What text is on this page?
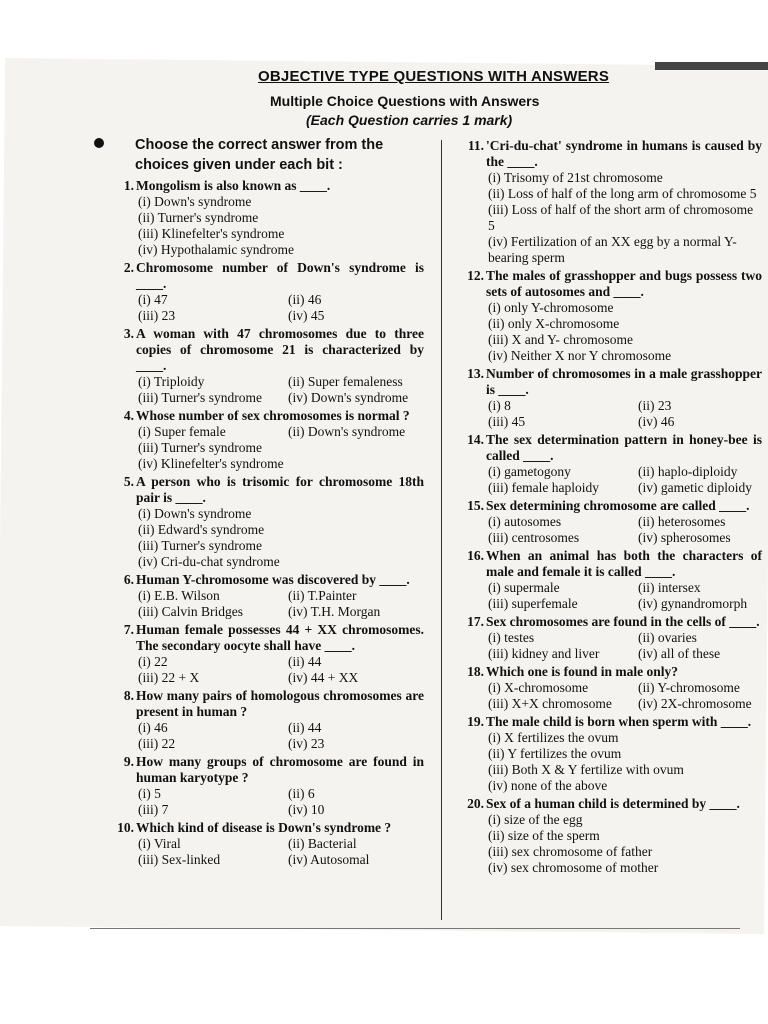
OBJECTIVE TYPE QUESTIONS WITH ANSWERS
Multiple Choice Questions with Answers
(Each Question carries 1 mark)
Choose the correct answer from the choices given under each bit :
1. Mongolism is also known as ____.
(i) Down's syndrome
(ii) Turner's syndrome
(iii) Klinefelter's syndrome
(iv) Hypothalamic syndrome
2. Chromosome number of Down's syndrome is ____.
(i) 47	(ii) 46
(iii) 23	(iv) 45
3. A woman with 47 chromosomes due to three copies of chromosome 21 is characterized by ____.
(i) Triploidy	(ii) Super femaleness
(iii) Turner's syndrome	(iv) Down's syndrome
4. Whose number of sex chromosomes is normal ?
(i) Super female	(ii) Down's syndrome
(iii) Turner's syndrome
(iv) Klinefelter's syndrome
5. A person who is trisomic for chromosome 18th pair is ____.
(i) Down's syndrome
(ii) Edward's syndrome
(iii) Turner's syndrome
(iv) Cri-du-chat syndrome
6. Human Y-chromosome was discovered by ____.
(i) E.B. Wilson	(ii) T.Painter
(iii) Calvin Bridges	(iv) T.H. Morgan
7. Human female possesses 44 + XX chromosomes. The secondary oocyte shall have ____.
(i) 22	(ii) 44
(iii) 22 + X	(iv) 44 + XX
8. How many pairs of homologous chromosomes are present in human ?
(i) 46	(ii) 44
(iii) 22	(iv) 23
9. How many groups of chromosome are found in human karyotype ?
(i) 5	(ii) 6
(iii) 7	(iv) 10
10. Which kind of disease is Down's syndrome ?
(i) Viral	(ii) Bacterial
(iii) Sex-linked	(iv) Autosomal
11. 'Cri-du-chat' syndrome in humans is caused by the ____.
(i) Trisomy of 21st chromosome
(ii) Loss of half of the long arm of chromosome 5
(iii) Loss of half of the short arm of chromosome 5
(iv) Fertilization of an XX egg by a normal Y-bearing sperm
12. The males of grasshopper and bugs possess two sets of autosomes and ____.
(i) only Y-chromosome
(ii) only X-chromosome
(iii) X and Y- chromosome
(iv) Neither X nor Y chromosome
13. Number of chromosomes in a male grasshopper is ____.
(i) 8	(ii) 23
(iii) 45	(iv) 46
14. The sex determination pattern in honey-bee is called ____.
(i) gametogony	(ii) haplo-diploidy
(iii) female haploidy	(iv) gametic diploidy
15. Sex determining chromosome are called ____.
(i) autosomes	(ii) heterosomes
(iii) centrosomes	(iv) spherosomes
16. When an animal has both the characters of male and female it is called ____.
(i) supermale	(ii) intersex
(iii) superfemale	(iv) gynandromorph
17. Sex chromosomes are found in the cells of ____.
(i) testes	(ii) ovaries
(iii) kidney and liver	(iv) all of these
18. Which one is found in male only?
(i) X-chromosome	(ii) Y-chromosome
(iii) X+X chromosome	(iv) 2X-chromosome
19. The male child is born when sperm with ____.
(i) X fertilizes the ovum
(ii) Y fertilizes the ovum
(iii) Both X & Y fertilize with ovum
(iv) none of the above
20. Sex of a human child is determined by ____.
(i) size of the egg
(ii) size of the sperm
(iii) sex chromosome of father
(iv) sex chromosome of mother
